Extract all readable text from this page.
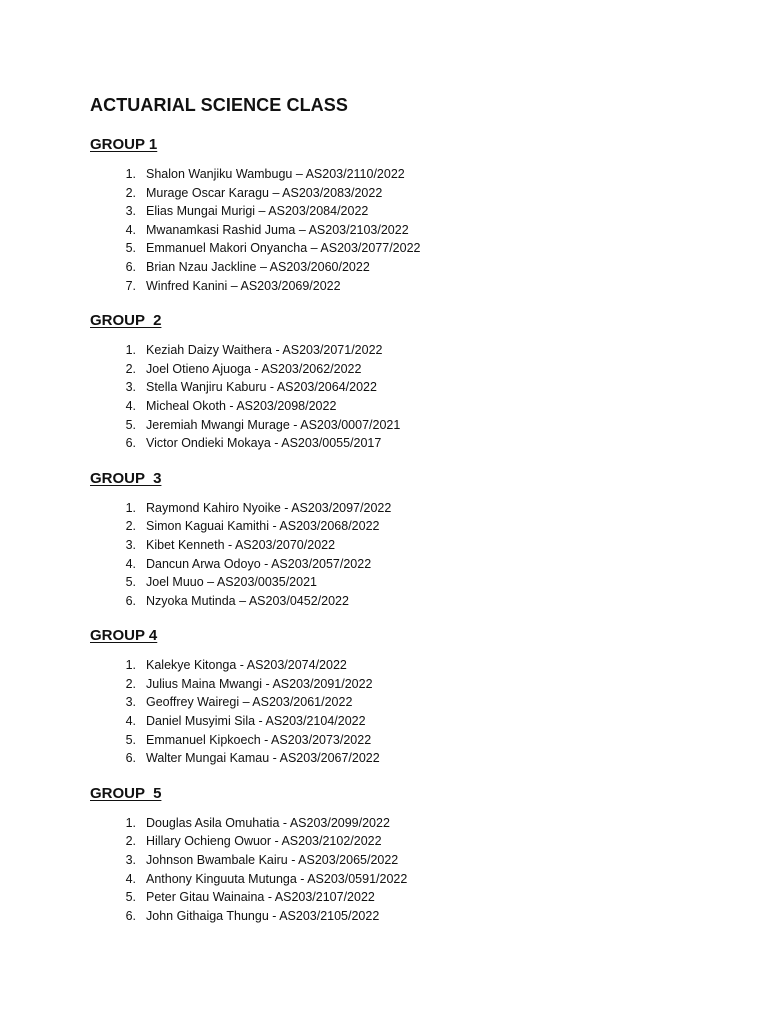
ACTUARIAL SCIENCE CLASS
GROUP 1
1. Shalon Wanjiku Wambugu – AS203/2110/2022
2. Murage Oscar Karagu – AS203/2083/2022
3. Elias Mungai Murigi – AS203/2084/2022
4. Mwanamkasi Rashid Juma – AS203/2103/2022
5. Emmanuel Makori Onyancha – AS203/2077/2022
6. Brian Nzau Jackline – AS203/2060/2022
7. Winfred Kanini – AS203/2069/2022
GROUP  2
1. Keziah Daizy Waithera - AS203/2071/2022
2. Joel Otieno Ajuoga - AS203/2062/2022
3. Stella Wanjiru Kaburu - AS203/2064/2022
4. Micheal Okoth - AS203/2098/2022
5. Jeremiah Mwangi Murage - AS203/0007/2021
6. Victor Ondieki Mokaya - AS203/0055/2017
GROUP  3
1. Raymond Kahiro Nyoike - AS203/2097/2022
2. Simon Kaguai Kamithi - AS203/2068/2022
3. Kibet Kenneth - AS203/2070/2022
4. Dancun Arwa Odoyo - AS203/2057/2022
5. Joel Muuo – AS203/0035/2021
6. Nzyoka Mutinda – AS203/0452/2022
GROUP 4
1. Kalekye Kitonga - AS203/2074/2022
2. Julius Maina Mwangi - AS203/2091/2022
3. Geoffrey Wairegi – AS203/2061/2022
4. Daniel Musyimi Sila - AS203/2104/2022
5. Emmanuel Kipkoech - AS203/2073/2022
6. Walter Mungai Kamau - AS203/2067/2022
GROUP  5
1. Douglas Asila Omuhatia - AS203/2099/2022
2. Hillary Ochieng Owuor - AS203/2102/2022
3. Johnson Bwambale Kairu - AS203/2065/2022
4. Anthony Kinguuta Mutunga - AS203/0591/2022
5. Peter Gitau Wainaina - AS203/2107/2022
6. John Githaiga Thungu - AS203/2105/2022
